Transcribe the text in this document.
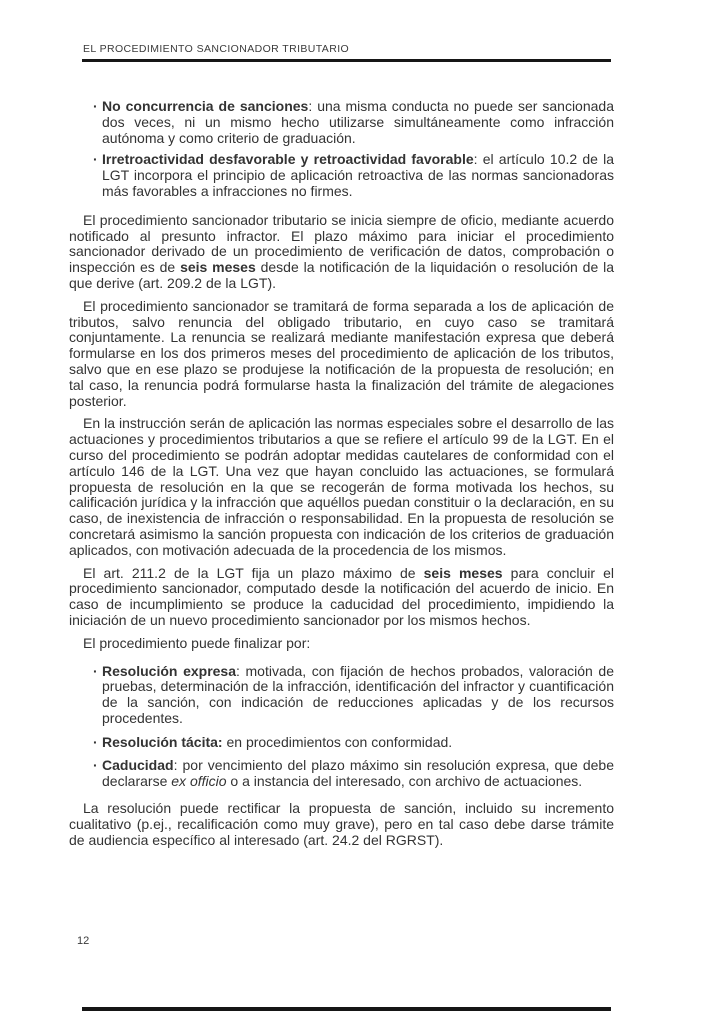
EL PROCEDIMIENTO SANCIONADOR TRIBUTARIO
· No concurrencia de sanciones: una misma conducta no puede ser sancionada dos veces, ni un mismo hecho utilizarse simultáneamente como infracción autónoma y como criterio de graduación.
· Irretroactividad desfavorable y retroactividad favorable: el artículo 10.2 de la LGT incorpora el principio de aplicación retroactiva de las normas sancionadoras más favorables a infracciones no firmes.

El procedimiento sancionador tributario se inicia siempre de oficio, mediante acuerdo notificado al presunto infractor. El plazo máximo para iniciar el procedimiento sancionador derivado de un procedimiento de verificación de datos, comprobación o inspección es de seis meses desde la notificación de la liquidación o resolución de la que derive (art. 209.2 de la LGT).

El procedimiento sancionador se tramitará de forma separada a los de aplicación de tributos, salvo renuncia del obligado tributario, en cuyo caso se tramitará conjuntamente. La renuncia se realizará mediante manifestación expresa que deberá formularse en los dos primeros meses del procedimiento de aplicación de los tributos, salvo que en ese plazo se produjese la notificación de la propuesta de resolución; en tal caso, la renuncia podrá formularse hasta la finalización del trámite de alegaciones posterior.

En la instrucción serán de aplicación las normas especiales sobre el desarrollo de las actuaciones y procedimientos tributarios a que se refiere el artículo 99 de la LGT. En el curso del procedimiento se podrán adoptar medidas cautelares de conformidad con el artículo 146 de la LGT. Una vez que hayan concluido las actuaciones, se formulará propuesta de resolución en la que se recogerán de forma motivada los hechos, su calificación jurídica y la infracción que aquéllos puedan constituir o la declaración, en su caso, de inexistencia de infracción o responsabilidad. En la propuesta de resolución se concretará asimismo la sanción propuesta con indicación de los criterios de graduación aplicados, con motivación adecuada de la procedencia de los mismos.

El art. 211.2 de la LGT fija un plazo máximo de seis meses para concluir el procedimiento sancionador, computado desde la notificación del acuerdo de inicio. En caso de incumplimiento se produce la caducidad del procedimiento, impidiendo la iniciación de un nuevo procedimiento sancionador por los mismos hechos.

El procedimiento puede finalizar por:

· Resolución expresa: motivada, con fijación de hechos probados, valoración de pruebas, determinación de la infracción, identificación del infractor y cuantificación de la sanción, con indicación de reducciones aplicadas y de los recursos procedentes.
· Resolución tácita: en procedimientos con conformidad.
· Caducidad: por vencimiento del plazo máximo sin resolución expresa, que debe declararse ex officio o a instancia del interesado, con archivo de actuaciones.

La resolución puede rectificar la propuesta de sanción, incluido su incremento cualitativo (p.ej., recalificación como muy grave), pero en tal caso debe darse trámite de audiencia específico al interesado (art. 24.2 del RGRST).

12
